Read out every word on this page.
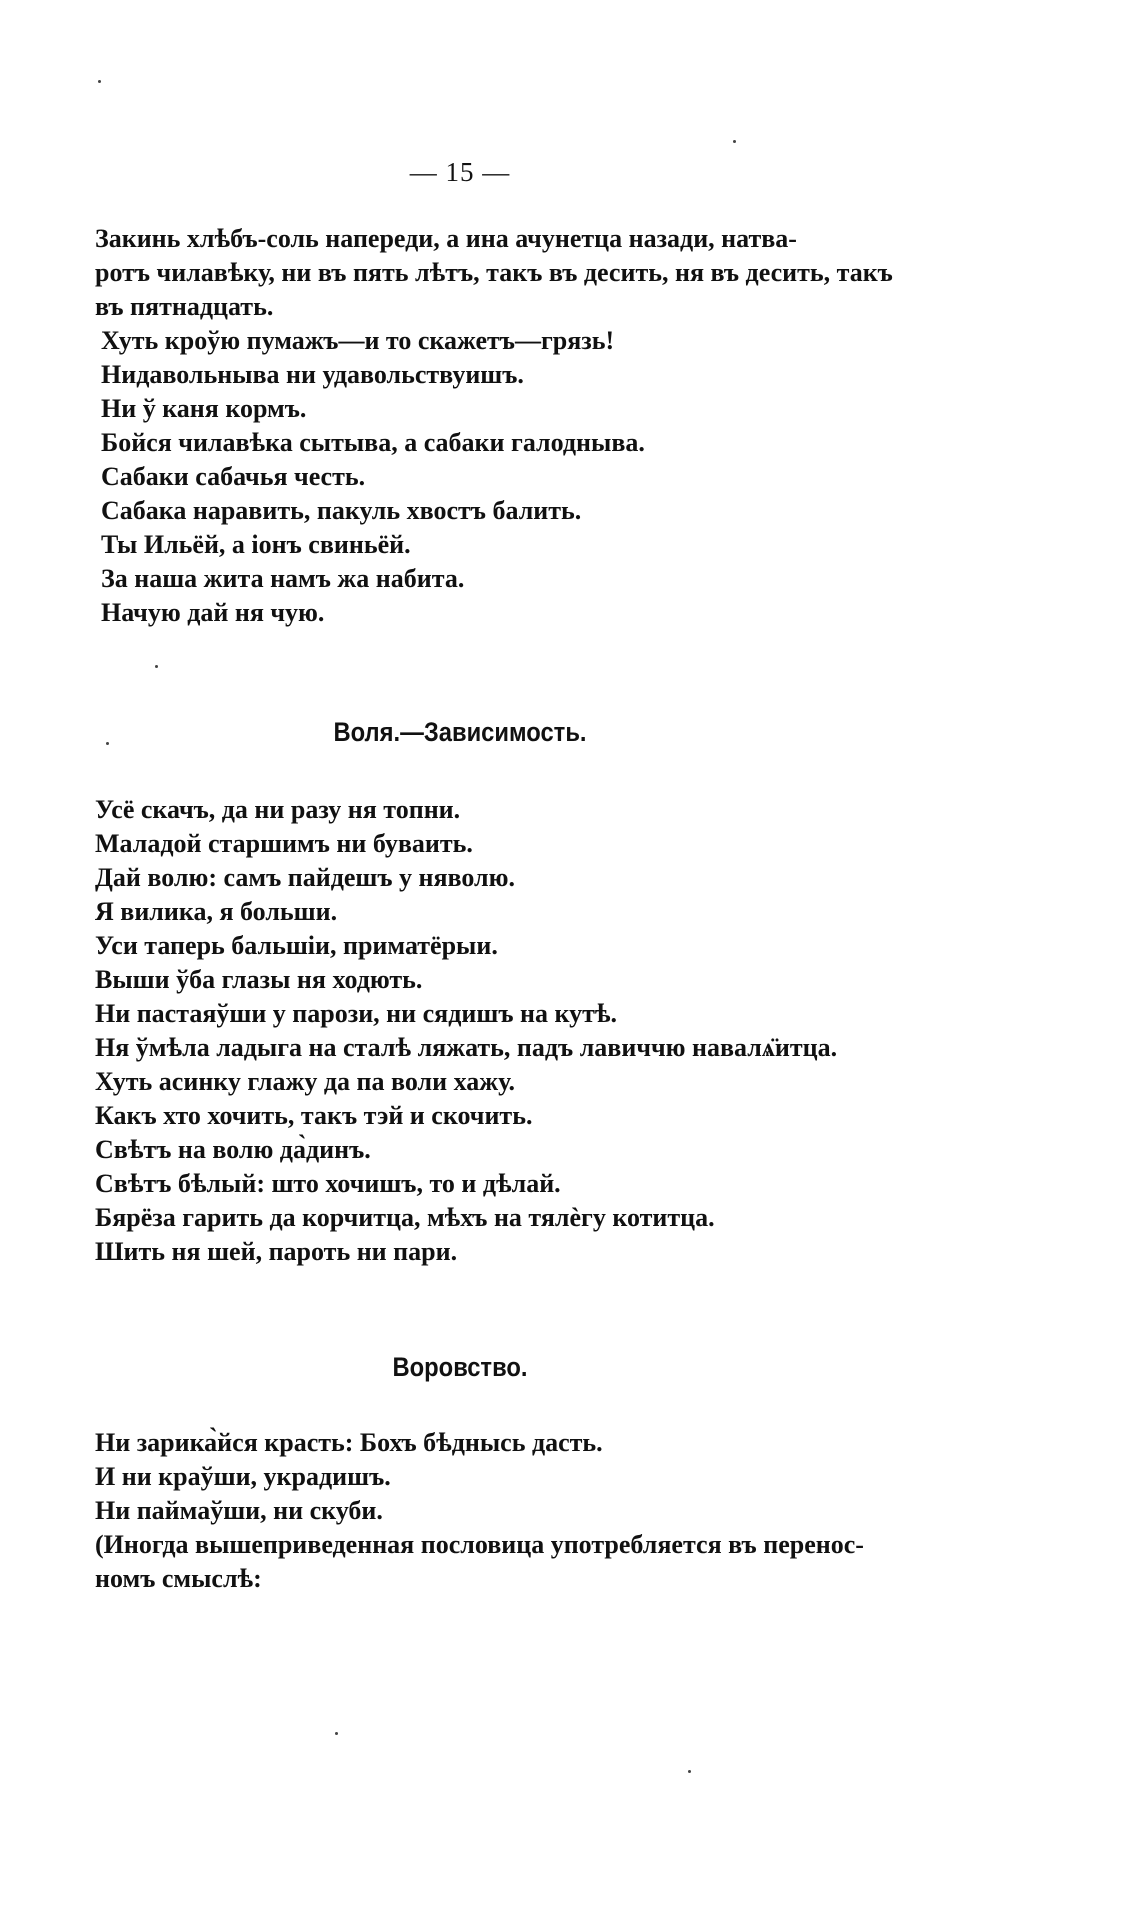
— 15 —
Закинь хлѣбъ-соль напереди, а ина ачунетца назади, натва-
ротъ чилавѣку, ни въ пять лѣтъ, такъ въ десить, ня въ десить, такъ
въ пятнадцать.
Хуть кроўю пумажъ—и то скажетъ—грязь!
Нидавольныва ни удавольствуишъ.
Ни ў каня кормъ.
Бойся чилавѣка сытыва, а сабаки галодныва.
Сабаки сабачья честь.
Сабака наравить, пакуль хвостъ балить.
Ты Ильёй, а іонъ свиньёй.
За наша жита намъ жа набита.
Начую дай ня чую.
Воля.—Зависимость.
Усё скачъ, да ни разу ня топни.
Маладой старшимъ ни буваить.
Дай волю: самъ пайдешъ у няволю.
Я вилика, я больши.
Уси таперь бальшіи, приматёрыи.
Выши ўба глазы ня ходють.
Ни пастаяўши у парози, ни сядишъ на кутѣ.
Ня ўмѣла ладыга на сталѣ ляжать, падъ лавиччю навалѧ̈итца.
Хуть асинку глажу да па воли хажу.
Какъ хто хочить, такъ тэй и скочить.
Свѣтъ на волю да̀динъ.
Свѣтъ бѣлый: што хочишъ, то и дѣлай.
Бярёза гарить да корчитца, мѣхъ на тялѐгу котитца.
Шить ня шей, пароть ни пари.
Воровство.
Ни зарика̀йся красть: Бохъ бѣднысь дасть.
И ни краўши, украдишъ.
Ни паймаўши, ни скуби.
(Иногда вышеприведенная пословица употребляется въ перенос-
номъ смыслѣ:
